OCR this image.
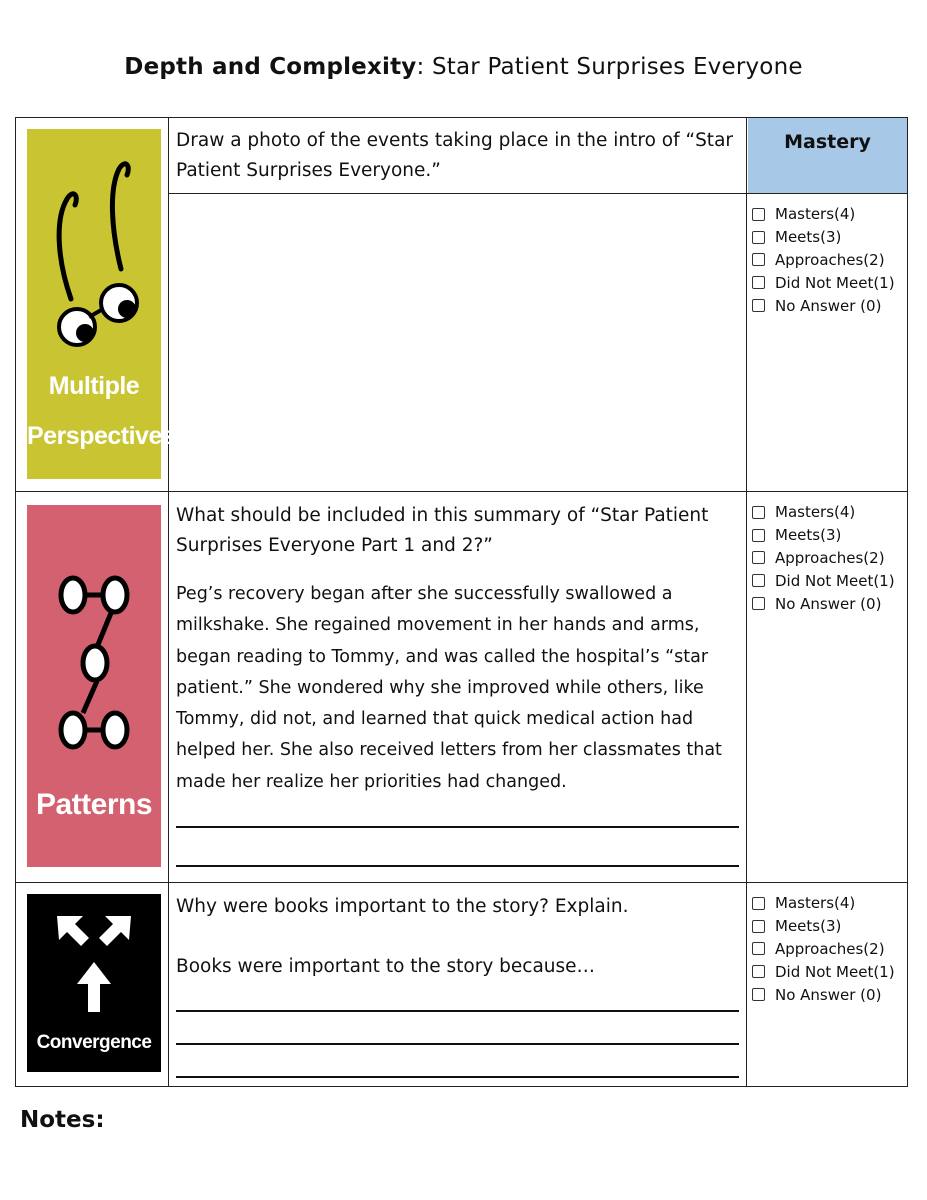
Depth and Complexity: Star Patient Surprises Everyone
Mastery
Multiple
Perspectives
Draw a photo of the events taking place in the intro of “Star Patient Surprises Everyone.”
Masters(4)
Meets(3)
Approaches(2)
Did Not Meet(1)
No Answer (0)
Patterns
What should be included in this summary of “Star Patient Surprises Everyone Part 1 and 2?”
Peg’s recovery began after she successfully swallowed a milkshake. She regained movement in her hands and arms, began reading to Tommy, and was called the hospital’s “star patient.” She wondered why she improved while others, like Tommy, did not, and learned that quick medical action had helped her. She also received letters from her classmates that made her realize her priorities had changed.
Masters(4)
Meets(3)
Approaches(2)
Did Not Meet(1)
No Answer (0)
Convergence
Why were books important to the story? Explain.
Books were important to the story because…
Masters(4)
Meets(3)
Approaches(2)
Did Not Meet(1)
No Answer (0)
Notes:
